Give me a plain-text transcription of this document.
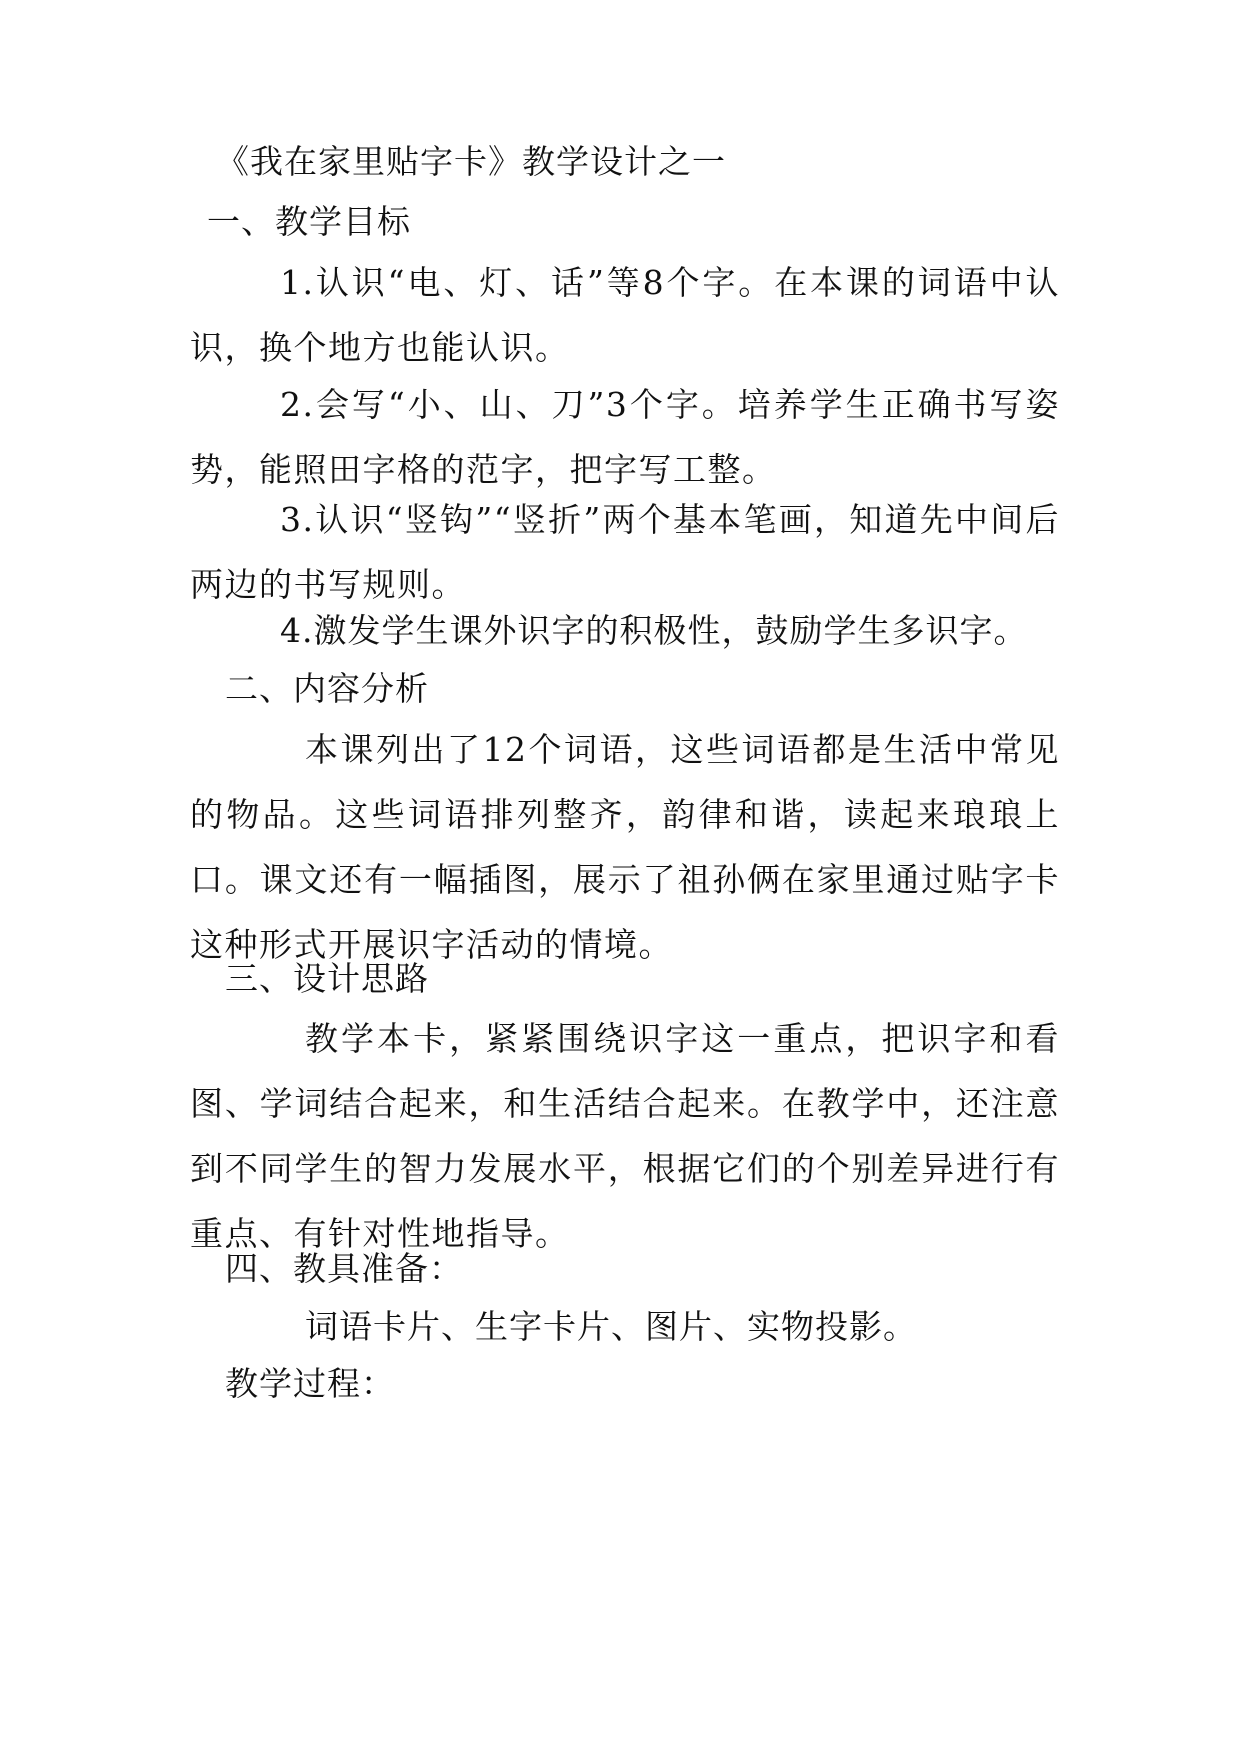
《我在家里贴字卡》教学设计之一
一、教学目标
1.认识“电、灯、话”等8个字。在本课的词语中认识，换个地方也能认识。
2.会写“小、山、刀”3个字。培养学生正确书写姿势，能照田字格的范字，把字写工整。
3.认识“竖钩”“竖折”两个基本笔画，知道先中间后两边的书写规则。
4.激发学生课外识字的积极性，鼓励学生多识字。
二、内容分析
本课列出了12个词语，这些词语都是生活中常见的物品。这些词语排列整齐，韵律和谐，读起来琅琅上口。课文还有一幅插图，展示了祖孙俩在家里通过贴字卡这种形式开展识字活动的情境。
三、设计思路
教学本卡，紧紧围绕识字这一重点，把识字和看图、学词结合起来，和生活结合起来。在教学中，还注意到不同学生的智力发展水平，根据它们的个别差异进行有重点、有针对性地指导。
四、教具准备：
词语卡片、生字卡片、图片、实物投影。
教学过程：
